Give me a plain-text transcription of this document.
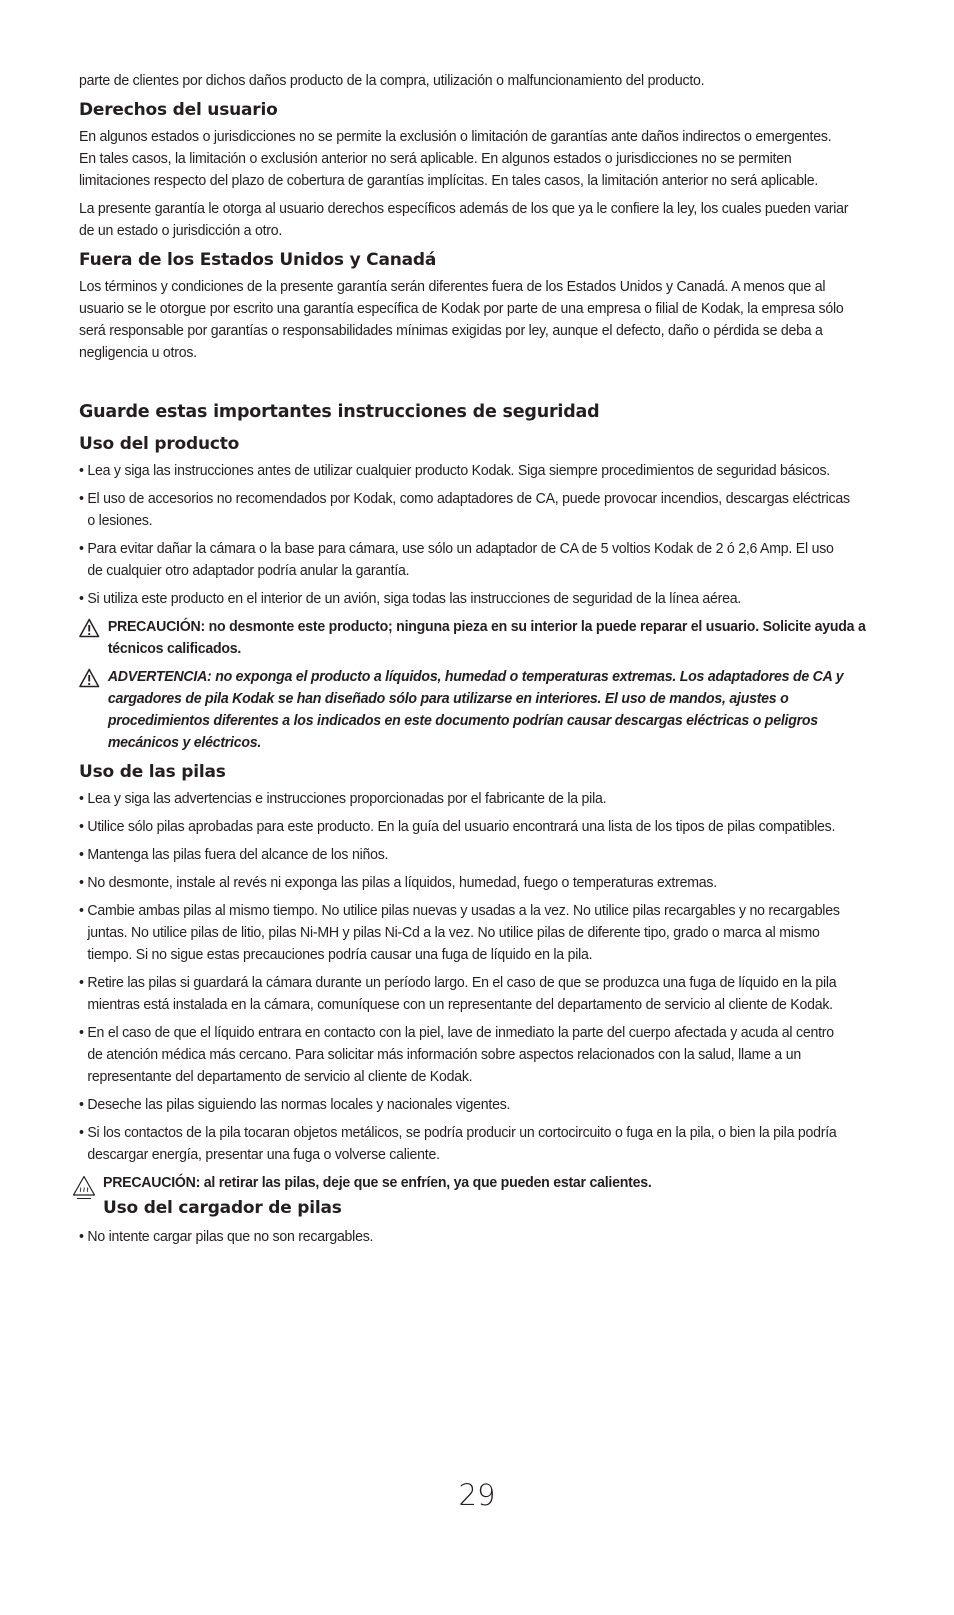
parte de clientes por dichos daños producto de la compra, utilización o malfuncionamiento del producto.

Derechos del usuario

En algunos estados o jurisdicciones no se permite la exclusión o limitación de garantías ante daños indirectos o emergentes. En tales casos, la limitación o exclusión anterior no será aplicable. En algunos estados o jurisdicciones no se permiten limitaciones respecto del plazo de cobertura de garantías implícitas. En tales casos, la limitación anterior no será aplicable.

La presente garantía le otorga al usuario derechos específicos además de los que ya le confiere la ley, los cuales pueden variar de un estado o jurisdicción a otro.

Fuera de los Estados Unidos y Canadá

Los términos y condiciones de la presente garantía serán diferentes fuera de los Estados Unidos y Canadá. A menos que al usuario se le otorgue por escrito una garantía específica de Kodak por parte de una empresa o filial de Kodak, la empresa sólo será responsable por garantías o responsabilidades mínimas exigidas por ley, aunque el defecto, daño o pérdida se deba a negligencia u otros.

Guarde estas importantes instrucciones de seguridad
Uso del producto
• Lea y siga las instrucciones antes de utilizar cualquier producto Kodak. Siga siempre procedimientos de seguridad básicos.
• El uso de accesorios no recomendados por Kodak, como adaptadores de CA, puede provocar incendios, descargas eléctricas o lesiones.
• Para evitar dañar la cámara o la base para cámara, use sólo un adaptador de CA de 5 voltios Kodak de 2 ó 2,6 Amp. El uso de cualquier otro adaptador podría anular la garantía.
• Si utiliza este producto en el interior de un avión, siga todas las instrucciones de seguridad de la línea aérea.
PRECAUCIÓN: no desmonte este producto; ninguna pieza en su interior la puede reparar el usuario. Solicite ayuda a técnicos calificados.
ADVERTENCIA: no exponga el producto a líquidos, humedad o temperaturas extremas. Los adaptadores de CA y cargadores de pila Kodak se han diseñado sólo para utilizarse en interiores. El uso de mandos, ajustes o procedimientos diferentes a los indicados en este documento podrían causar descargas eléctricas o peligros mecánicos y eléctricos.
Uso de las pilas
• Lea y siga las advertencias e instrucciones proporcionadas por el fabricante de la pila.
• Utilice sólo pilas aprobadas para este producto. En la guía del usuario encontrará una lista de los tipos de pilas compatibles.
• Mantenga las pilas fuera del alcance de los niños.
• No desmonte, instale al revés ni exponga las pilas a líquidos, humedad, fuego o temperaturas extremas.
• Cambie ambas pilas al mismo tiempo. No utilice pilas nuevas y usadas a la vez. No utilice pilas recargables y no recargables juntas. No utilice pilas de litio, pilas Ni-MH y pilas Ni-Cd a la vez. No utilice pilas de diferente tipo, grado o marca al mismo tiempo. Si no sigue estas precauciones podría causar una fuga de líquido en la pila.
• Retire las pilas si guardará la cámara durante un período largo. En el caso de que se produzca una fuga de líquido en la pila mientras está instalada en la cámara, comuníquese con un representante del departamento de servicio al cliente de Kodak.
• En el caso de que el líquido entrara en contacto con la piel, lave de inmediato la parte del cuerpo afectada y acuda al centro de atención médica más cercano. Para solicitar más información sobre aspectos relacionados con la salud, llame a un representante del departamento de servicio al cliente de Kodak.
• Deseche las pilas siguiendo las normas locales y nacionales vigentes.
• Si los contactos de la pila tocaran objetos metálicos, se podría producir un cortocircuito o fuga en la pila, o bien la pila podría descargar energía, presentar una fuga o volverse caliente.

PRECAUCIÓN: al retirar las pilas, deje que se enfríen, ya que pueden estar calientes.

Uso del cargador de pilas
• No intente cargar pilas que no son recargables.
29
